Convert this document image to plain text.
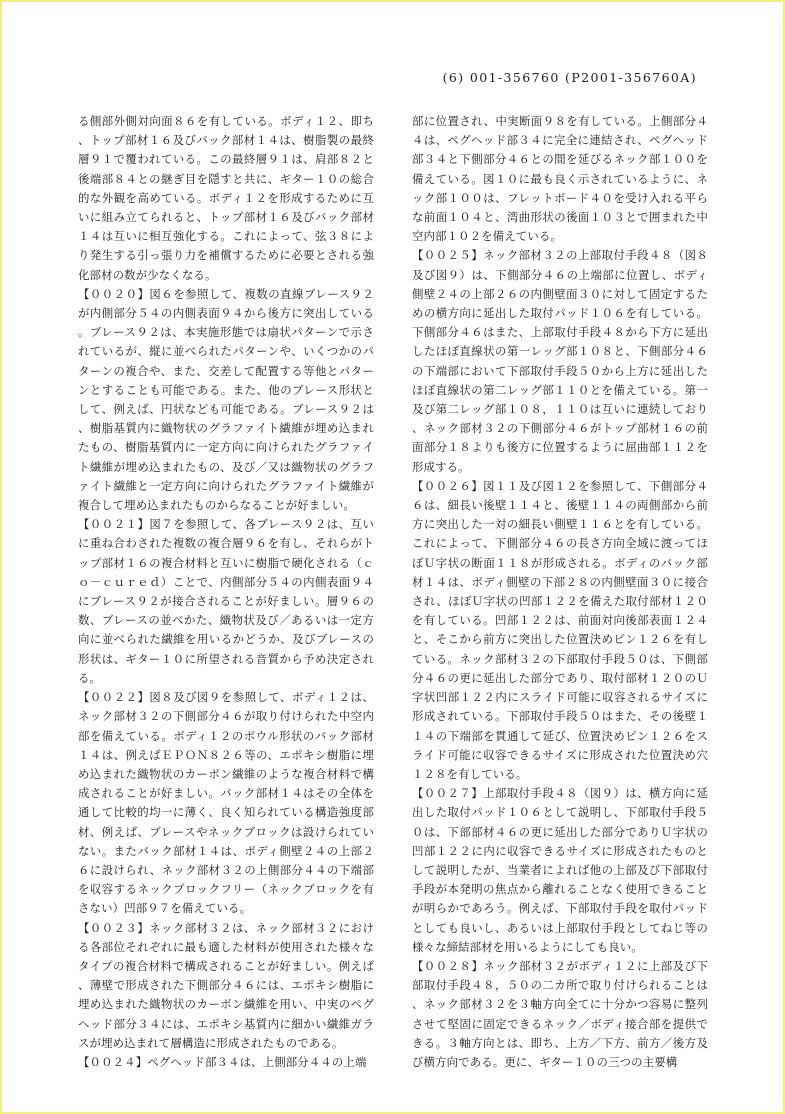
(6) 001-356760 (P2001-356760A)

る側部外側対向面８６を有している。ボディ１２、即ち、トップ部材１６及びバック部材１４は、樹脂製の最終層９１で覆われている。この最終層９１は、肩部８２と後端部８４との継ぎ目を隠すと共に、ギター１０の総合的な外観を高めている。ボディ１２を形成するために互いに組み立てられると、トップ部材１６及びバック部材１４は互いに相互強化する。これによって、弦３８により発生する引っ張り力を補償するために必要とされる強化部材の数が少なくなる。

【００２０】図６を参照して、複数の直線ブレース９２が内側部分５４の内側表面９４から後方に突出している。ブレース９２は、本実施形態では扇状パターンで示されているが、縦に並べられたパターンや、いくつかのパターンの複合や、また、交差して配置する等他とパターンとすることも可能である。また、他のブレース形状として、例えば、円状なども可能である。ブレース９２は、樹脂基質内に織物状のグラファイト繊維が埋め込まれたもの、樹脂基質内に一定方向に向けられたグラファイト繊維が埋め込まれたもの、及び／又は織物状のグラファイト繊維と一定方向に向けられたグラファイト繊維が複合して埋め込まれたものからなることが好ましい。

【００２１】図７を参照して、各ブレース９２は、互いに重ね合わされた複数の複合層９６を有し、それらがトップ部材１６の複合材料と互いに樹脂で硬化される（ｃｏ－ｃｕｒｅｄ）ことで、内側部分５４の内側表面９４にブレース９２が接合されることが好ましい。層９６の数、ブレースの並べかた、織物状及び／あるいは一定方向に並べられた繊維を用いるかどうか、及びブレースの形状は、ギター１０に所望される音質から予め決定される。

【００２２】図８及び図９を参照して、ボディ１２は、ネック部材３２の下側部分４６が取り付けられた中空内部を備えている。ボディ１２のボウル形状のバック部材１４は、例えばＥＰＯＮ８２６等の、エポキシ樹脂に埋め込まれた織物状のカーボン繊維のような複合材料で構成されることが好ましい。バック部材１４はその全体を通して比較的均一に薄く、良く知られている構造強度部材、例えば、ブレースやネックブロックは設けられていない。またバック部材１４は、ボディ側壁２４の上部２６に設けられ、ネック部材３２の上側部分４４の下端部を収容するネックブロックフリー（ネックブロックを有さない）凹部９７を備えている。

【００２３】ネック部材３２は、ネック部材３２における各部位それぞれに最も適した材料が使用された様々なタイプの複合材料で構成されることが好ましい。例えば、薄壁で形成された下側部分４６には、エポキシ樹脂に埋め込まれた織物状のカーボン繊維を用い、中実のペグヘッド部分３４には、エポキシ基質内に細かい繊維ガラスが埋め込まれて層構造に形成されたものである。

【００２４】ペグヘッド部３４は、上側部分４４の上端

部に位置され、中実断面９８を有している。上側部分４４は、ペグヘッド部３４に完全に連結され、ペグヘッド部３４と下側部分４６との間を延びるネック部１００を備えている。図１０に最も良く示されているように、ネック部１００は、フレットボード４０を受け入れる平らな前面１０４と、湾曲形状の後面１０３とで囲まれた中空内部１０２を備えている。

【００２５】ネック部材３２の上部取付手段４８（図８及び図９）は、下側部分４６の上端部に位置し、ボディ側壁２４の上部２６の内側壁面３０に対して固定するための横方向に延出した取付パッド１０６を有している。下側部分４６はまた、上部取付手段４８から下方に延出したほぼ直線状の第一レッグ部１０８と、下側部分４６の下端部において下部取付手段５０から上方に延出したほぼ直線状の第二レッグ部１１０とを備えている。第一及び第二レッグ部１０８，１１０は互いに連続しており、ネック部材３２の下側部分４６がトップ部材１６の前面部分１８よりも後方に位置するように屈曲部１１２を形成する。

【００２６】図１１及び図１２を参照して、下側部分４６は、細長い後壁１１４と、後壁１１４の両側部から前方に突出した一対の細長い側壁１１６とを有している。これによって、下側部分４６の長さ方向全域に渡ってほぼＵ字状の断面１１８が形成される。ボディのバック部材１４は、ボディ側壁の下部２８の内側壁面３０に接合され、ほぼＵ字状の凹部１２２を備えた取付部材１２０を有している。凹部１２２は、前面対向後部表面１２４と、そこから前方に突出した位置決めピン１２６を有している。ネック部材３２の下部取付手段５０は、下側部分４６の更に延出した部分であり、取付部材１２０のＵ字状凹部１２２内にスライド可能に収容されるサイズに形成されている。下部取付手段５０はまた、その後壁１１４の下端部を貫通して延び、位置決めピン１２６をスライド可能に収容できるサイズに形成された位置決め穴１２８を有している。

【００２７】上部取付手段４８（図９）は、横方向に延出した取付パッド１０６として説明し、下部取付手段５０は、下部部材４６の更に延出した部分でありＵ字状の凹部１２２に内に収容できるサイズに形成されたものとして説明したが、当業者によれば他の上部及び下部取付手段が本発明の焦点から離れることなく使用できることが明らかであろう。例えば、下部取付手段を取付パッドとしても良いし、あるいは上部取付手段としてねじ等の様々な締結部材を用いるようにしても良い。

【００２８】ネック部材３２がボディ１２に上部及び下部取付手段４８，５０の二カ所で取り付けられることは、ネック部材３２を３軸方向全てに十分かつ容易に整列させて堅固に固定できるネック／ボディ接合部を提供できる。３軸方向とは、即ち、上方／下方、前方／後方及び横方向である。更に、ギター１０の三つの主要構
